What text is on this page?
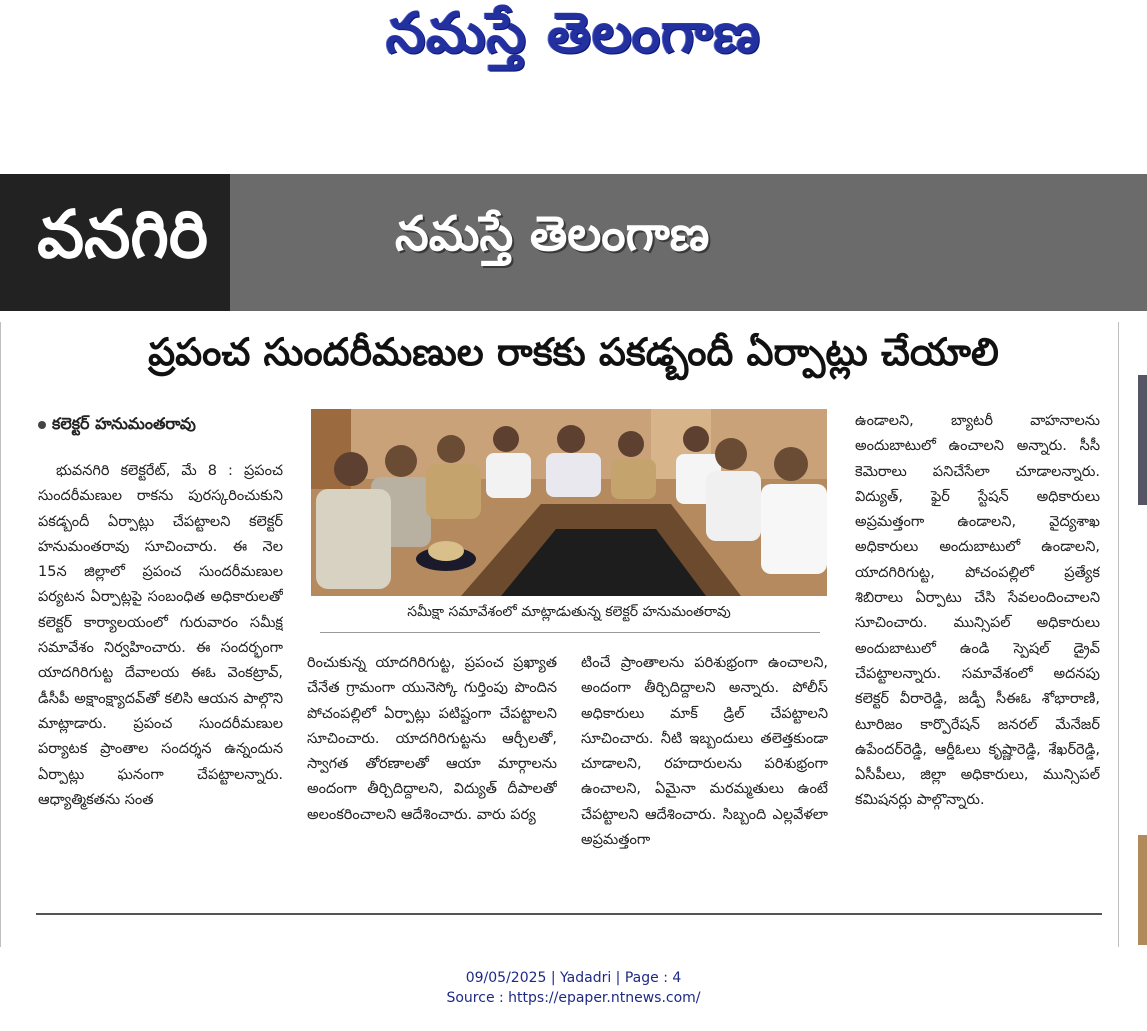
నమస్తే తెలంగాణ
వనగిరి	నమస్తే తెలంగాణ
ప్రపంచ సుందరీమణుల రాకకు పకడ్బందీ ఏర్పాట్లు చేయాలి
కలెక్టర్ హనుమంతరావు

భువనగిరి కలెక్టరేట్, మే 8 : ప్రపంచ సుందరీమణుల రాకను పురస్కరించుకుని పకడ్బందీ ఏర్పాట్లు చేపట్టాలని కలెక్టర్ హనుమంతరావు సూచించారు. ఈ నెల 15న జిల్లాలో ప్రపంచ సుందరీమణుల పర్యటన ఏర్పాట్లపై సంబంధిత అధికారులతో కలెక్టర్ కార్యాలయంలో గురువారం సమీక్ష సమావేశం నిర్వహించారు. ఈ సందర్భంగా యాదగిరిగుట్ట దేవాలయ ఈఓ వెంకట్రావ్, డీసీపీ అక్షాంక్ష్యాదవ్‌తో కలిసి ఆయన పాల్గొని మాట్లాడారు. ప్రపంచ సుందరీమణుల పర్యాటక ప్రాంతాల సందర్శన ఉన్నందున ఏర్పాట్లు ఘనంగా చేపట్టాలన్నారు. ఆధ్యాత్మికతను సంత

సమీక్షా సమావేశంలో మాట్లాడుతున్న కలెక్టర్ హనుమంతరావు

రించుకున్న యాదగిరిగుట్ట, ప్రపంచ ప్రఖ్యాత చేనేత గ్రామంగా యునెస్కో గుర్తింపు పొందిన పోచంపల్లిలో ఏర్పాట్లు పటిష్టంగా చేపట్టాలని సూచించారు. యాదగిరిగుట్టను ఆర్చీలతో, స్వాగత తోరణాలతో ఆయా మార్గాలను అందంగా తీర్చిదిద్దాలని, విద్యుత్ దీపాలతో అలంకరించాలని ఆదేశించారు. వారు పర్య

టించే ప్రాంతాలను పరిశుభ్రంగా ఉంచాలని, అందంగా తీర్చిదిద్దాలని అన్నారు. పోలీస్ అధికారులు మాక్ డ్రిల్ చేపట్టాలని సూచించారు. నీటి ఇబ్బందులు తలెత్తకుండా చూడాలని, రహదారులను పరిశుభ్రంగా ఉంచాలని, ఏమైనా మరమ్మతులు ఉంటే చేపట్టాలని ఆదేశించారు. సిబ్బంది ఎల్లవేళలా అప్రమత్తంగా

ఉండాలని, బ్యాటరీ వాహనాలను అందుబాటులో ఉంచాలని అన్నారు. సీసీ కెమెరాలు పనిచేసేలా చూడాలన్నారు. విద్యుత్, ఫైర్ స్టేషన్ అధికారులు అప్రమత్తంగా ఉండాలని, వైద్యశాఖ అధికారులు అందుబాటులో ఉండాలని, యాదగిరిగుట్ట, పోచంపల్లిలో ప్రత్యేక శిబిరాలు ఏర్పాటు చేసి సేవలందించాలని సూచించారు. మున్సిపల్ అధికారులు అందుబాటులో ఉండి స్పెషల్ డ్రైవ్ చేపట్టాలన్నారు. సమావేశంలో అదనపు కలెక్టర్ వీరారెడ్డి, జడ్పీ సీఈఓ శోభారాణి, టూరిజం కార్పొరేషన్ జనరల్ మేనేజర్ ఉపేందర్‌రెడ్డి, ఆర్డీఓలు కృష్ణారెడ్డి, శేఖర్‌రెడ్డి, ఏసీపీలు, జిల్లా అధికారులు, మున్సిపల్ కమిషనర్లు పాల్గొన్నారు.

09/05/2025 | Yadadri | Page : 4
Source : https://epaper.ntnews.com/
